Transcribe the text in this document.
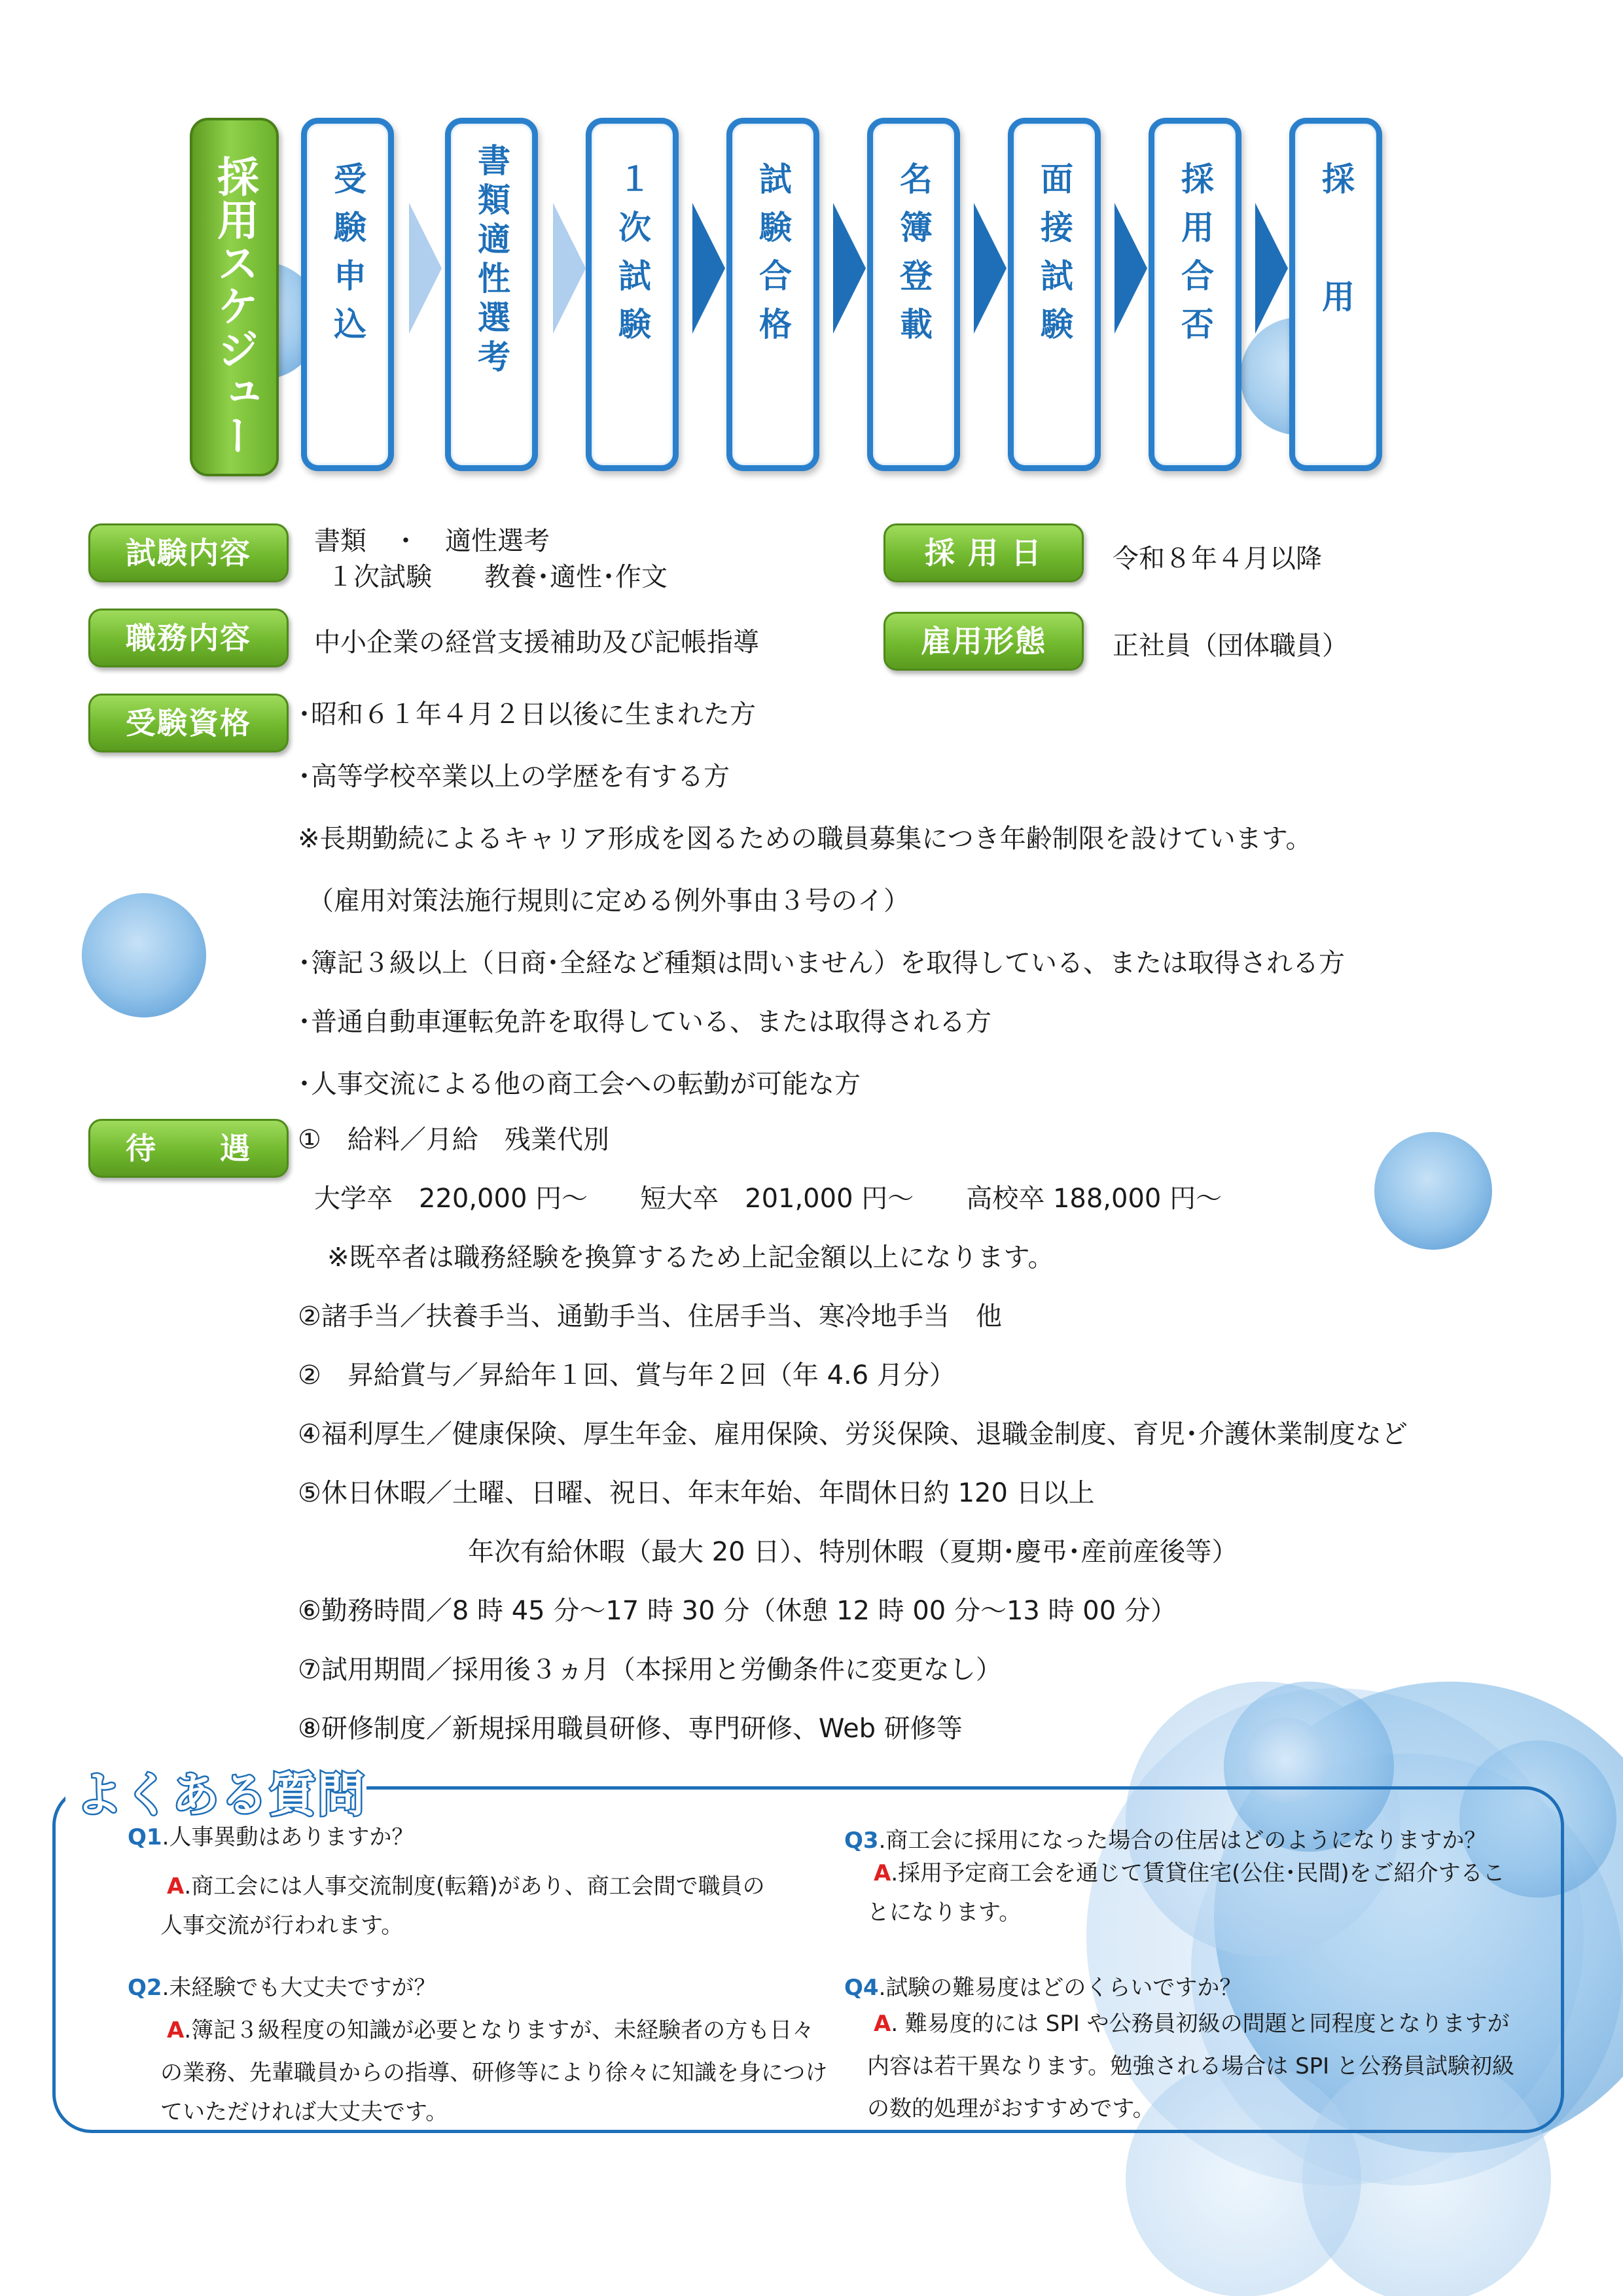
採用スケジュール	受験申込	書類適性選考	１次試験	試験合格	名簿登載	面接試験	採用合否	採　用
試験内容	書類　・　適性選考
１次試験　　教養･適性･作文
採 用 日	令和８年４月以降
職務内容	中小企業の経営支援補助及び記帳指導	雇用形態	正社員（団体職員）
受験資格	･昭和６１年４月２日以後に生まれた方
･高等学校卒業以上の学歴を有する方
※長期勤続によるキャリア形成を図るための職員募集につき年齢制限を設けています。
（雇用対策法施行規則に定める例外事由３号のイ）
･簿記３級以上（日商･全経など種類は問いません）を取得している、または取得される方
･普通自動車運転免許を取得している、または取得される方
･人事交流による他の商工会への転勤が可能な方
待　　遇	①　給料／月給　残業代別
大学卒　220,000 円～　　短大卒　201,000 円～　　高校卒 188,000 円～
※既卒者は職務経験を換算するため上記金額以上になります。
②諸手当／扶養手当、通勤手当、住居手当、寒冷地手当　他
②　昇給賞与／昇給年１回、賞与年２回（年 4.6 月分）
④福利厚生／健康保険、厚生年金、雇用保険、労災保険、退職金制度、育児･介護休業制度など
⑤休日休暇／土曜、日曜、祝日、年末年始、年間休日約 120 日以上
年次有給休暇（最大 20 日）、特別休暇（夏期･慶弔･産前産後等）
⑥勤務時間／8 時 45 分～17 時 30 分（休憩 12 時 00 分～13 時 00 分）
⑦試用期間／採用後３ヵ月（本採用と労働条件に変更なし）
⑧研修制度／新規採用職員研修、専門研修、Web 研修等
よくある質問
Q1.人事異動はありますか？
A.商工会には人事交流制度(転籍)があり、商工会間で職員の
人事交流が行われます。
Q2.未経験でも大丈夫ですが？
A.簿記３級程度の知識が必要となりますが、未経験者の方も日々
の業務、先輩職員からの指導、研修等により徐々に知識を身につけ
ていただければ大丈夫です。
Q3.商工会に採用になった場合の住居はどのようになりますか？
A.採用予定商工会を通じて賃貸住宅(公住･民間)をご紹介するこ
とになります。
Q4.試験の難易度はどのくらいですか？
A. 難易度的には SPI や公務員初級の問題と同程度となりますが
内容は若干異なります。勉強される場合は SPI と公務員試験初級
の数的処理がおすすめです。
